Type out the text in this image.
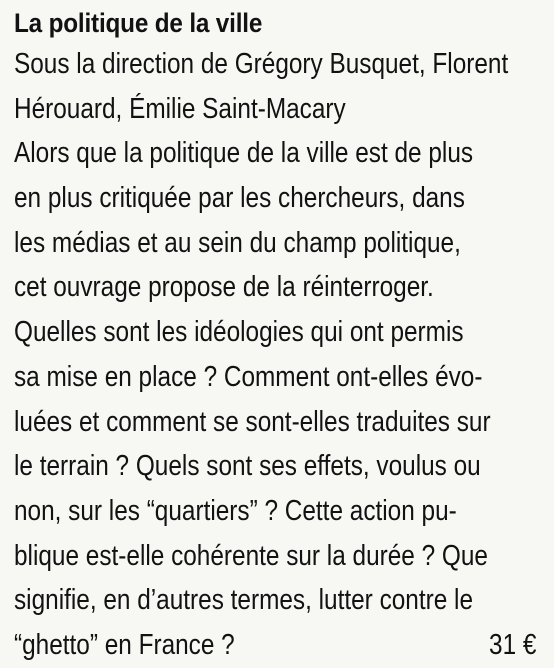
La politique de la ville
Sous la direction de Grégory Busquet, Florent
Hérouard, Émilie Saint-Macary
Alors que la politique de la ville est de plus
en plus critiquée par les chercheurs, dans
les médias et au sein du champ politique,
cet ouvrage propose de la réinterroger.
Quelles sont les idéologies qui ont permis
sa mise en place ? Comment ont-elles évo-
luées et comment se sont-elles traduites sur
le terrain ? Quels sont ses effets, voulus ou
non, sur les “quartiers” ? Cette action pu-
blique est-elle cohérente sur la durée ? Que
signifie, en d’autres termes, lutter contre le
“ghetto” en France ?	31 €
